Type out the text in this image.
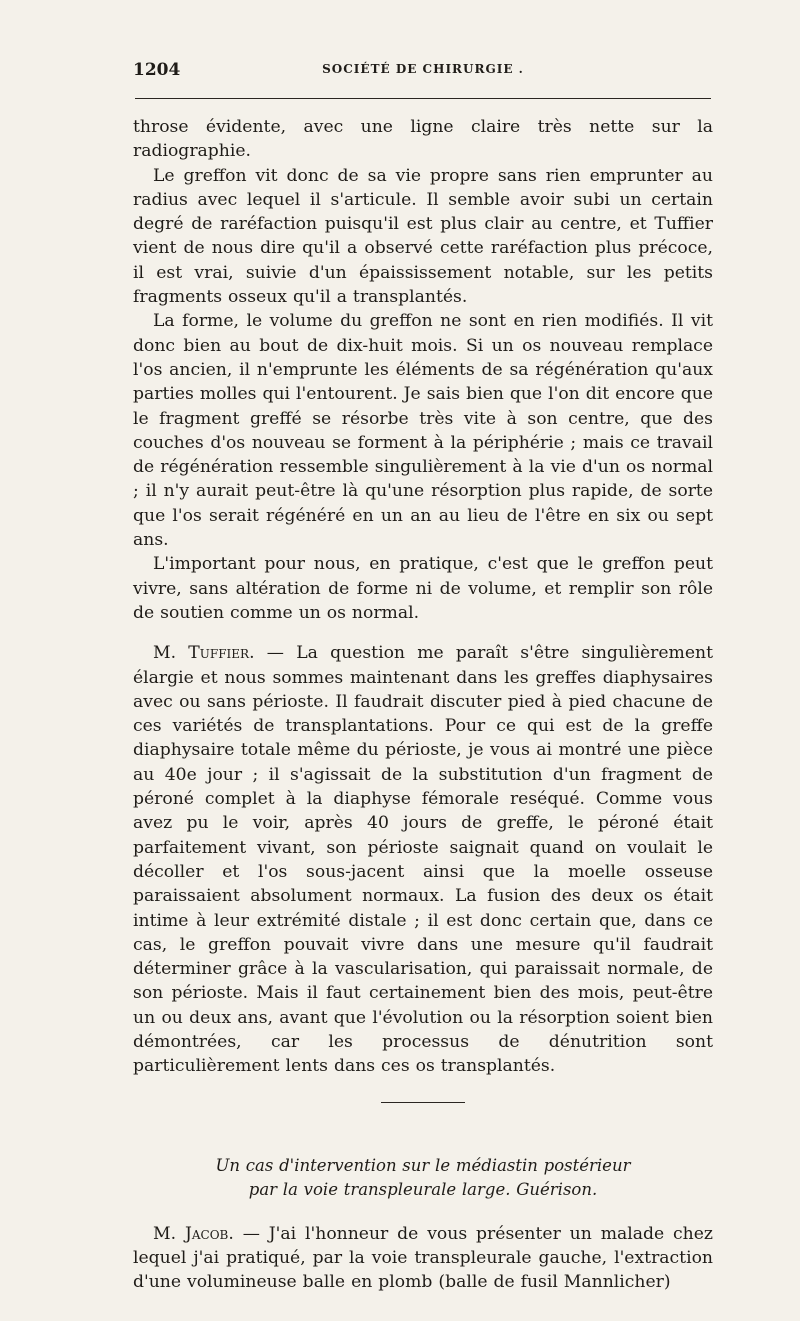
1204	SOCIÉTÉ DE CHIRURGIE .

throse évidente, avec une ligne claire très nette sur la radiographie.

Le greffon vit donc de sa vie propre sans rien emprunter au radius avec lequel il s'articule. Il semble avoir subi un certain degré de raréfaction puisqu'il est plus clair au centre, et Tuffier vient de nous dire qu'il a observé cette raréfaction plus précoce, il est vrai, suivie d'un épaississement notable, sur les petits fragments osseux qu'il a transplantés.

La forme, le volume du greffon ne sont en rien modifiés. Il vit donc bien au bout de dix-huit mois. Si un os nouveau remplace l'os ancien, il n'emprunte les éléments de sa régénération qu'aux parties molles qui l'entourent. Je sais bien que l'on dit encore que le fragment greffé se résorbe très vite à son centre, que des couches d'os nouveau se forment à la périphérie ; mais ce travail de régénération ressemble singulièrement à la vie d'un os normal ; il n'y aurait peut-être là qu'une résorption plus rapide, de sorte que l'os serait régénéré en un an au lieu de l'être en six ou sept ans.

L'important pour nous, en pratique, c'est que le greffon peut vivre, sans altération de forme ni de volume, et remplir son rôle de soutien comme un os normal.

M. Tuffier. — La question me paraît s'être singulièrement élargie et nous sommes maintenant dans les greffes diaphysaires avec ou sans périoste. Il faudrait discuter pied à pied chacune de ces variétés de transplantations. Pour ce qui est de la greffe diaphysaire totale même du périoste, je vous ai montré une pièce au 40e jour ; il s'agissait de la substitution d'un fragment de péroné complet à la diaphyse fémorale reséqué. Comme vous avez pu le voir, après 40 jours de greffe, le péroné était parfaitement vivant, son périoste saignait quand on voulait le décoller et l'os sous-jacent ainsi que la moelle osseuse paraissaient absolument normaux. La fusion des deux os était intime à leur extrémité distale ; il est donc certain que, dans ce cas, le greffon pouvait vivre dans une mesure qu'il faudrait déterminer grâce à la vascularisation, qui paraissait normale, de son périoste. Mais il faut certainement bien des mois, peut-être un ou deux ans, avant que l'évolution ou la résorption soient bien démontrées, car les processus de dénutrition sont particulièrement lents dans ces os transplantés.

Un cas d'intervention sur le médiastin postérieur
par la voie transpleurale large. Guérison.

M. Jacob. — J'ai l'honneur de vous présenter un malade chez lequel j'ai pratiqué, par la voie transpleurale gauche, l'extraction d'une volumineuse balle en plomb (balle de fusil Mannlicher)
